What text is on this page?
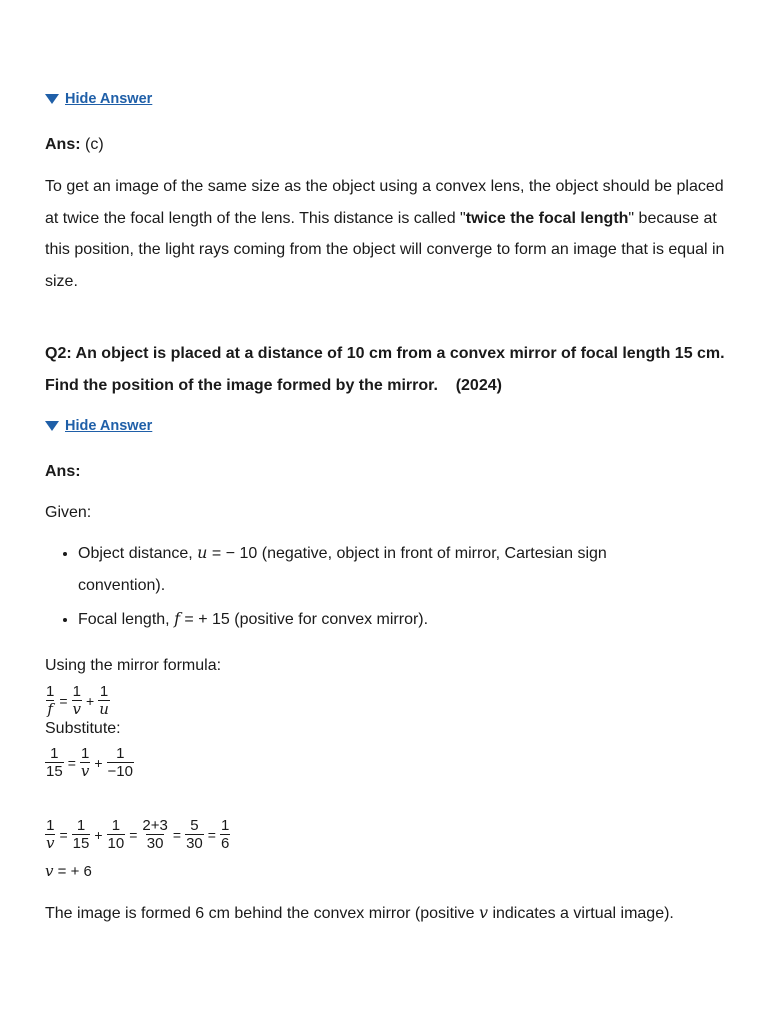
Hide Answer
Ans: (c)
To get an image of the same size as the object using a convex lens, the object should be placed at twice the focal length of the lens. This distance is called "twice the focal length" because at this position, the light rays coming from the object will converge to form an image that is equal in size.
Q2: An object is placed at a distance of 10 cm from a convex mirror of focal length 15 cm. Find the position of the image formed by the mirror. (2024)
Hide Answer
Ans:
Given:
• Object distance, u = − 10 (negative, object in front of mirror, Cartesian sign convention).
• Focal length, f = + 15 (positive for convex mirror).
Using the mirror formula:
$\frac{1}{f} = \frac{1}{v} + \frac{1}{u}$
Substitute:
$\frac{1}{15} = \frac{1}{v} + \frac{1}{-10}$
$\frac{1}{v} = \frac{1}{15} + \frac{1}{10} = \frac{2+3}{30} = \frac{5}{30} = \frac{1}{6}$
v = + 6
The image is formed 6 cm behind the convex mirror (positive v indicates a virtual image).
